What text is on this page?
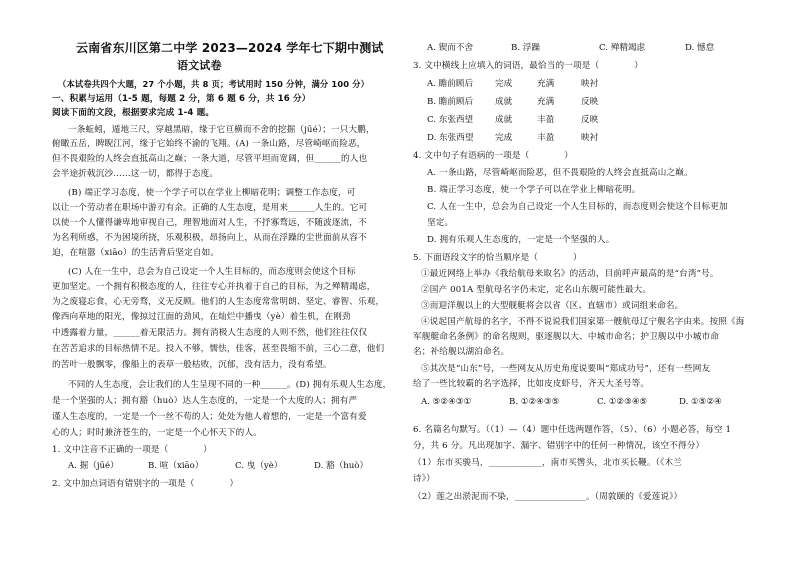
云南省东川区第二中学 2023—2024 学年七下期中测试
语文试卷
（本试卷共四个大题，27 个小题，共 8 页；考试用时 150 分钟，满分 100 分）
一、积累与运用（1-5 题，每题 2 分，第 6 题 6 分，共 16 分）
阅读下面的文段，根据要求完成 1-4 题。
一条蚯蚓，遁地三尺，穿越黑暗，缘于它亘横而不舍的挖掘（jūé）；一只大鹏，
俯瞰五岳，睥睨江河，缘于它始终不渝的飞翔。(A) 一条山路，尽管崎岖而险恶，
但不畏艰险的人终会直抵高山之巅；一条大道，尽管平坦而宽阔，但______的人也
会半途折戟沉沙……这一切，都得于态度。
(B) 端正学习态度，使一个学子可以在学业上柳暗花明；调整工作态度，可
以让一个劳动者在职场中游刃有余。正确的人生态度，是用来______人生的。它可
以使一个人懂得谦卑地审视自己，理智地面对人生，不抒寡骛远，不随波逐流，不
为名利所惑，不为困境所挠，乐观积极，昂扬向上，从而在浮躁的尘世面前从容不
迫，在喧嚣（xiāo）的生活背后坚定自如。
(C) 人在一生中，总会为自己设定一个人生目标的，而态度则会使这个目标
更加坚定。一个拥有积极态度的人，往往专心并执着于自己的目标，为之殚精竭虑，
为之废寝忘食，心无旁骛，义无反顾。他们的人生态度常常明朗、坚定、睿智、乐观，
像西向草地的阳光，像掠过江面的劲风，在灿烂中播曳（yè）着生机，在刚劲
中透露着力量，______着无限活力。拥有消极人生态度的人则不然，他们往往仅仅
在苦苦追求的目标热情不足。投入不够，懦怯，佳客，甚至畏缩不前，三心二意，他们
的苦叶一般飘零，像船上的表草一般枯败，沉郁，没有活力，没有希望。
不同的人生态度，会让我们的人生呈现不同的一种______。(D) 拥有乐观人生态度，
是一个坚强的人；拥有豁（huò）达人生态度的，一定是一个大度的人；拥有严
谨人生态度的，一定是一个一丝不苟的人；处处为他人着想的，一定是一个富有爱
心的人；时时兼济苍生的，一定是一个心怀天下的人。
1. 文中注音不正确的一项是（　　　　）
A. 掘（jūé）	B. 喧（xiāo）	C. 曳（yè）	D. 豁（huò）
2. 文中加点词语有错别字的一项是（　　　　）
A. 锲而不舍	B. 浮躁	C. 殚精竭虑	D. 憾怠
3. 文中横线上应填入的词语，最恰当的一项是（　　　　）
A. 瞻前顾后	完成	充满	映衬
B. 瞻前顾后	成就	充满	反映
C. 东张西望	成就	丰盈	反映
D. 东张西望	完成	丰盈	映衬
4. 文中句子有语病的一项是（　　　　）
A. 一条山路，尽管崎岖而险恶，但不畏艰险的人终会直抵高山之巅。
B. 端正学习态度，使一个学子可以在学业上柳暗花明。
C. 人在一生中，总会为自己设定一个人生目标的，而态度则会使这个目标更加
坚定。
D. 拥有乐观人生态度的，一定是一个坚强的人。
5. 下面语段文字的恰当顺序是（　　　　）
①最近网络上举办《我给航母来取名》的活动，目前呼声最高的是“台湾”号。
②国产 001A 型航母名字仍未定，定名山东舰可能性最大。
③而迎洋舰以上的大型舰艇将会以省（区、直辖市）或词组来命名。
④说起国产航母的名字，不得不说说我们国家第一艘航母辽宁舰名字由来。按照《海
军舰艇命名条例》的命名规则，驱逐舰以大、中城市命名；护卫舰以中小城市命
名；补给舰以湖泊命名。
⑤其次是“山东”号，一些网友从历史角度说要叫“郑成功号”，还有一些网友
给了一些比较霸的名字选择，比如皮皮虾号，齐天大圣号等。
A. ⑤②④③①	B. ①②④③⑤	C. ①②③④⑤	D. ①⑤②④
6. 名篇名句默写。（（1）—（4）题中任选两题作答，（5）、（6）小题必答，每空 1
分，共 6 分。凡出现加字、漏字、错别字中的任何一种情况，该空不得分）
（1）东市买骏马，____________，南市买辔头，北市买长鞭。（《木兰
诗》）
（2）莲之出淤泥而不染，________________。（周敦颐的《爱莲说》）
